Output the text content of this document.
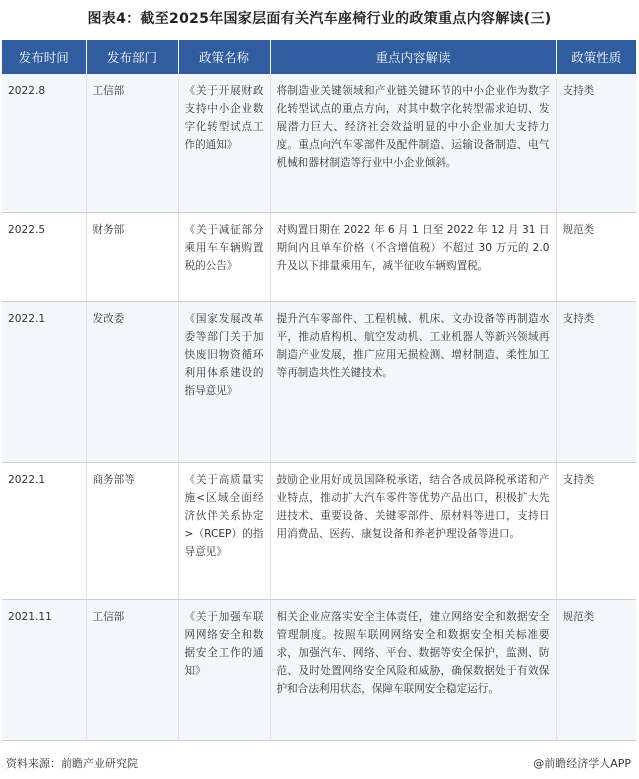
图表4：截至2025年国家层面有关汽车座椅行业的政策重点内容解读(三)
发布时间	发布部门	政策名称	重点内容解读	政策性质
2022.8	工信部	《关于开展财政支持中小企业数字化转型试点工作的通知》	将制造业关键领域和产业链关键环节的中小企业作为数字化转型试点的重点方向，对其中数字化转型需求迫切、发展潜力巨大、经济社会效益明显的中小企业加大支持力度。重点向汽车零部件及配件制造、运输设备制造、电气机械和器材制造等行业中小企业倾斜。	支持类
2022.5	财务部	《关于减征部分乘用车车辆购置税的公告》	对购置日期在 2022 年 6 月 1 日至 2022 年 12 月 31 日期间内且单车价格（不含增值税）不超过 30 万元的 2.0 升及以下排量乘用车，减半征收车辆购置税。	规范类
2022.1	发改委	《国家发展改革委等部门关于加快废旧物资循环利用体系建设的指导意见》	提升汽车零部件、工程机械、机床、文办设备等再制造水平，推动盾构机、航空发动机、工业机器人等新兴领域再制造产业发展，推广应用无损检测、增材制造、柔性加工等再制造共性关键技术。	支持类
2022.1	商务部等	《关于高质量实施<区域全面经济伙伴关系协定>（RCEP）的指导意见》	鼓励企业用好成员国降税承诺，结合各成员降税承诺和产业特点，推动扩大汽车零件等优势产品出口，积极扩大先进技术、重要设备、关键零部件、原材料等进口，支持日用消费品、医药、康复设备和养老护理设备等进口。	支持类
2021.11	工信部	《关于加强车联网网络安全和数据安全工作的通知》	相关企业应落实安全主体责任，建立网络安全和数据安全管理制度。按照车联网网络安全和数据安全相关标准要求，加强汽车、网络、平台、数据等安全保护，监测、防范、及时处置网络安全风险和威胁，确保数据处于有效保护和合法利用状态，保障车联网安全稳定运行。	规范类
资料来源：前瞻产业研究院	@前瞻经济学人APP
